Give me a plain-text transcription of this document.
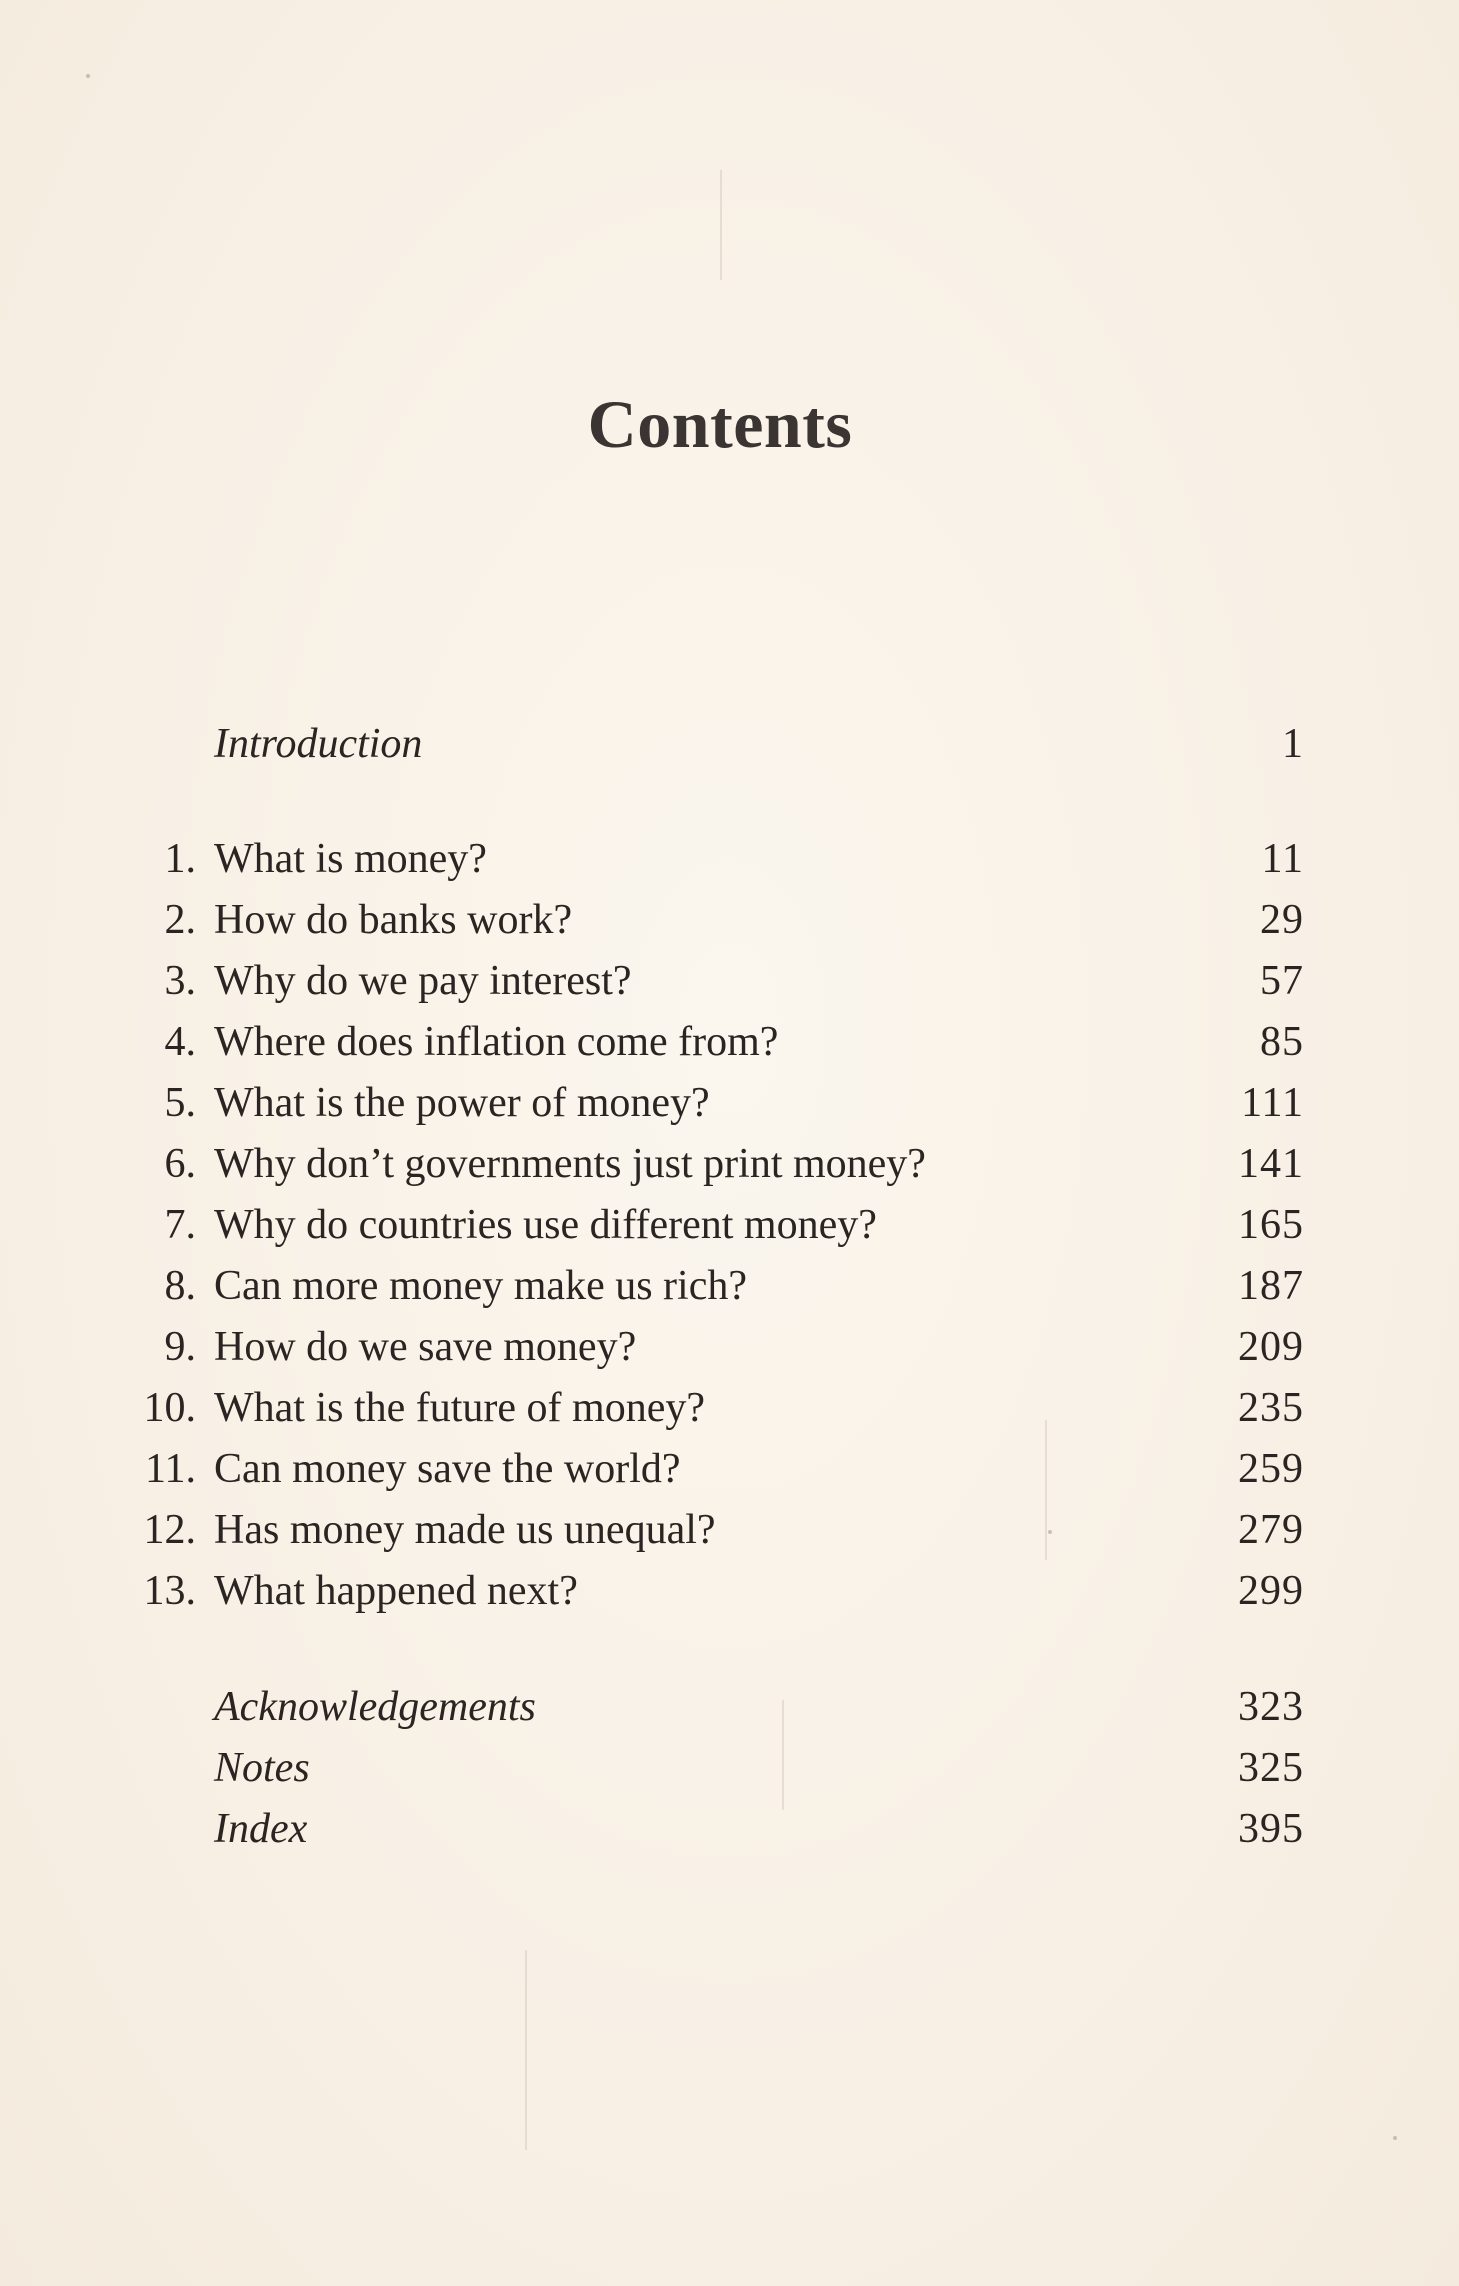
Contents
Introduction	1
1. What is money?	11
2. How do banks work?	29
3. Why do we pay interest?	57
4. Where does inflation come from?	85
5. What is the power of money?	111
6. Why don’t governments just print money?	141
7. Why do countries use different money?	165
8. Can more money make us rich?	187
9. How do we save money?	209
10. What is the future of money?	235
11. Can money save the world?	259
12. Has money made us unequal?	279
13. What happened next?	299
Acknowledgements	323
Notes	325
Index	395
